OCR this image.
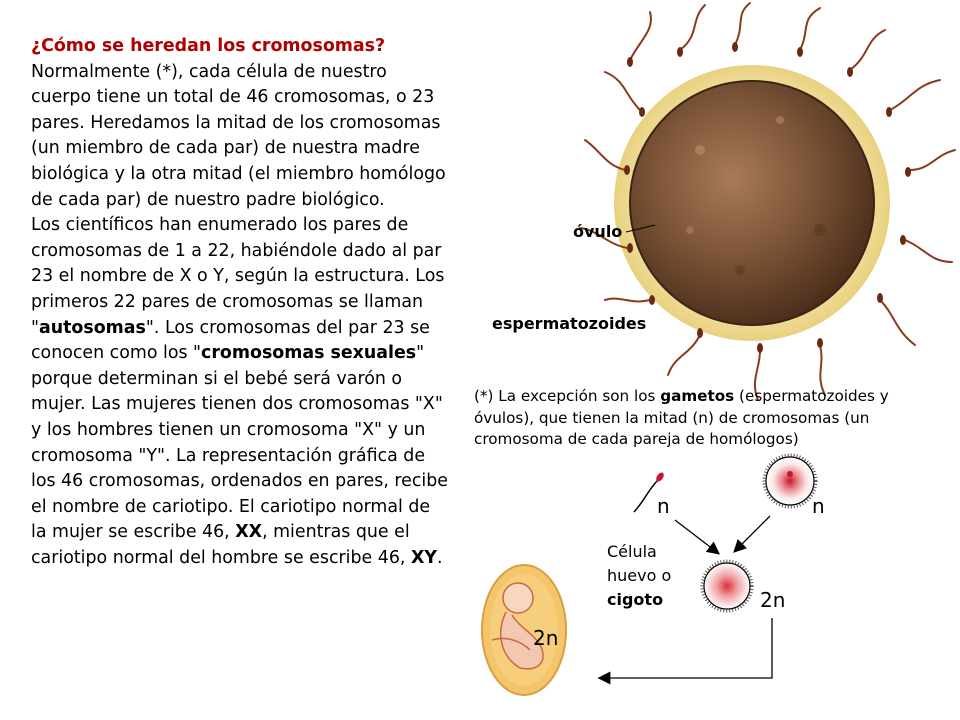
¿Cómo se heredan los cromosomas?
Normalmente (*), cada célula de nuestro cuerpo tiene un total de 46 cromosomas, o 23 pares. Heredamos la mitad de los cromosomas (un miembro de cada par) de nuestra madre biológica y la otra mitad (el miembro homólogo de cada par) de nuestro padre biológico.
Los científicos han enumerado los pares de cromosomas de 1 a 22, habiéndole dado al par 23 el nombre de X o Y, según la estructura. Los primeros 22 pares de cromosomas se llaman "autosomas". Los cromosomas del par 23 se conocen como los "cromosomas sexuales" porque determinan si el bebé será varón o mujer. Las mujeres tienen dos cromosomas "X" y los hombres tienen un cromosoma "X" y un cromosoma "Y". La representación gráfica de los 46 cromosomas, ordenados en pares, recibe el nombre de cariotipo. El cariotipo normal de la mujer se escribe 46, XX, mientras que el cariotipo normal del hombre se escribe 46, XY.

óvulo
espermatozoides
(*) La excepción son los gametos (espermatozoides y óvulos), que tienen la mitad (n) de cromosomas (un cromosoma de cada pareja de homólogos)
n	n
Célula
huevo o
cigoto	2n
2n
